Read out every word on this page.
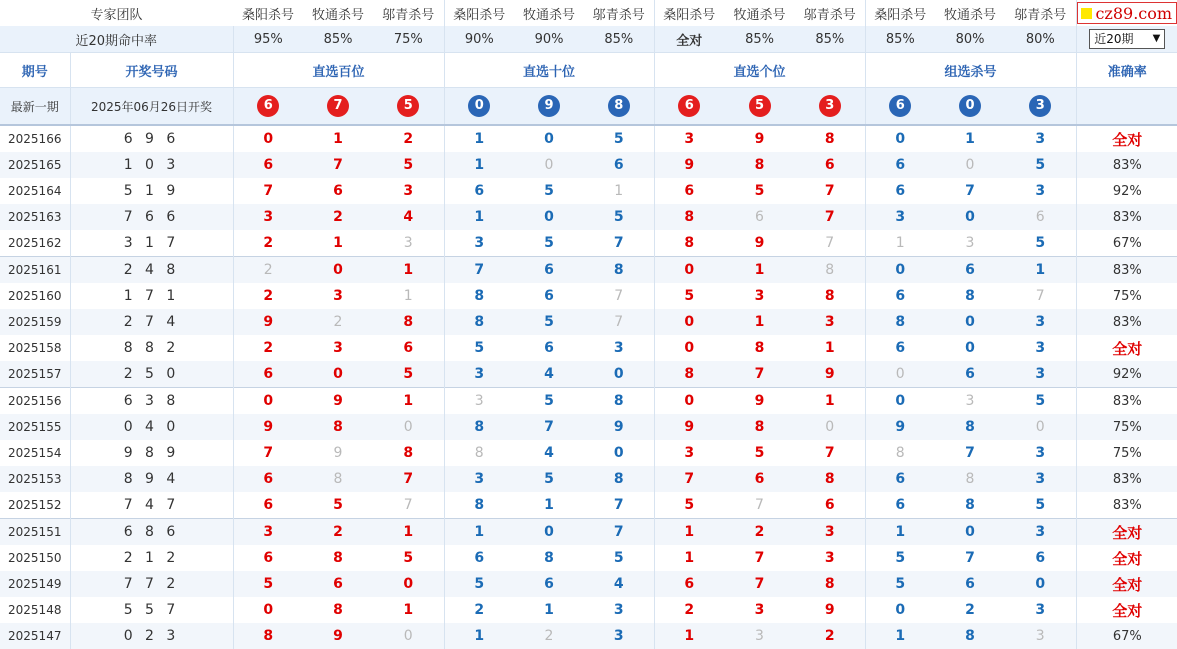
专家团队		桑阳杀号	牧通杀号	邬青杀号	桑阳杀号	牧通杀号	邬青杀号	桑阳杀号	牧通杀号	邬青杀号	桑阳杀号	牧通杀号	邬青杀号	cz89.com

近20期命中率		95%	85%	75%	90%	90%	85%	全对	85%	85%	85%	80%	80%	近20期 ▼

期号	开奖号码	直选百位			直选十位			直选个位			组选杀号			准确率
最新一期	2025年06月26日开奖	6	7	5	0	9	8	6	5	3	6	0	3	
2025166	6 9 6	0	1	2	1	0	5	3	9	8	0	1	3	全对
2025165	1 0 3	6	7	5	1	0	6	9	8	6	6	0	5	83%
2025164	5 1 9	7	6	3	6	5	1	6	5	7	6	7	3	92%
2025163	7 6 6	3	2	4	1	0	5	8	6	7	3	0	6	83%
2025162	3 1 7	2	1	3	3	5	7	8	9	7	1	3	5	67%
2025161	2 4 8	2	0	1	7	6	8	0	1	8	0	6	1	83%
2025160	1 7 1	2	3	1	8	6	7	5	3	8	6	8	7	75%
2025159	2 7 4	9	2	8	8	5	7	0	1	3	8	0	3	83%
2025158	8 8 2	2	3	6	5	6	3	0	8	1	6	0	3	全对
2025157	2 5 0	6	0	5	3	4	0	8	7	9	0	6	3	92%
2025156	6 3 8	0	9	1	3	5	8	0	9	1	0	3	5	83%
2025155	0 4 0	9	8	0	8	7	9	9	8	0	9	8	0	75%
2025154	9 8 9	7	9	8	8	4	0	3	5	7	8	7	3	75%
2025153	8 9 4	6	8	7	3	5	8	7	6	8	6	8	3	83%
2025152	7 4 7	6	5	7	8	1	7	5	7	6	6	8	5	83%
2025151	6 8 6	3	2	1	1	0	7	1	2	3	1	0	3	全对
2025150	2 1 2	6	8	5	6	8	5	1	7	3	5	7	6	全对
2025149	7 7 2	5	6	0	5	6	4	6	7	8	5	6	0	全对
2025148	5 5 7	0	8	1	2	1	3	2	3	9	0	2	3	全对
2025147	0 2 3	8	9	0	1	2	3	1	3	2	1	8	3	67%
